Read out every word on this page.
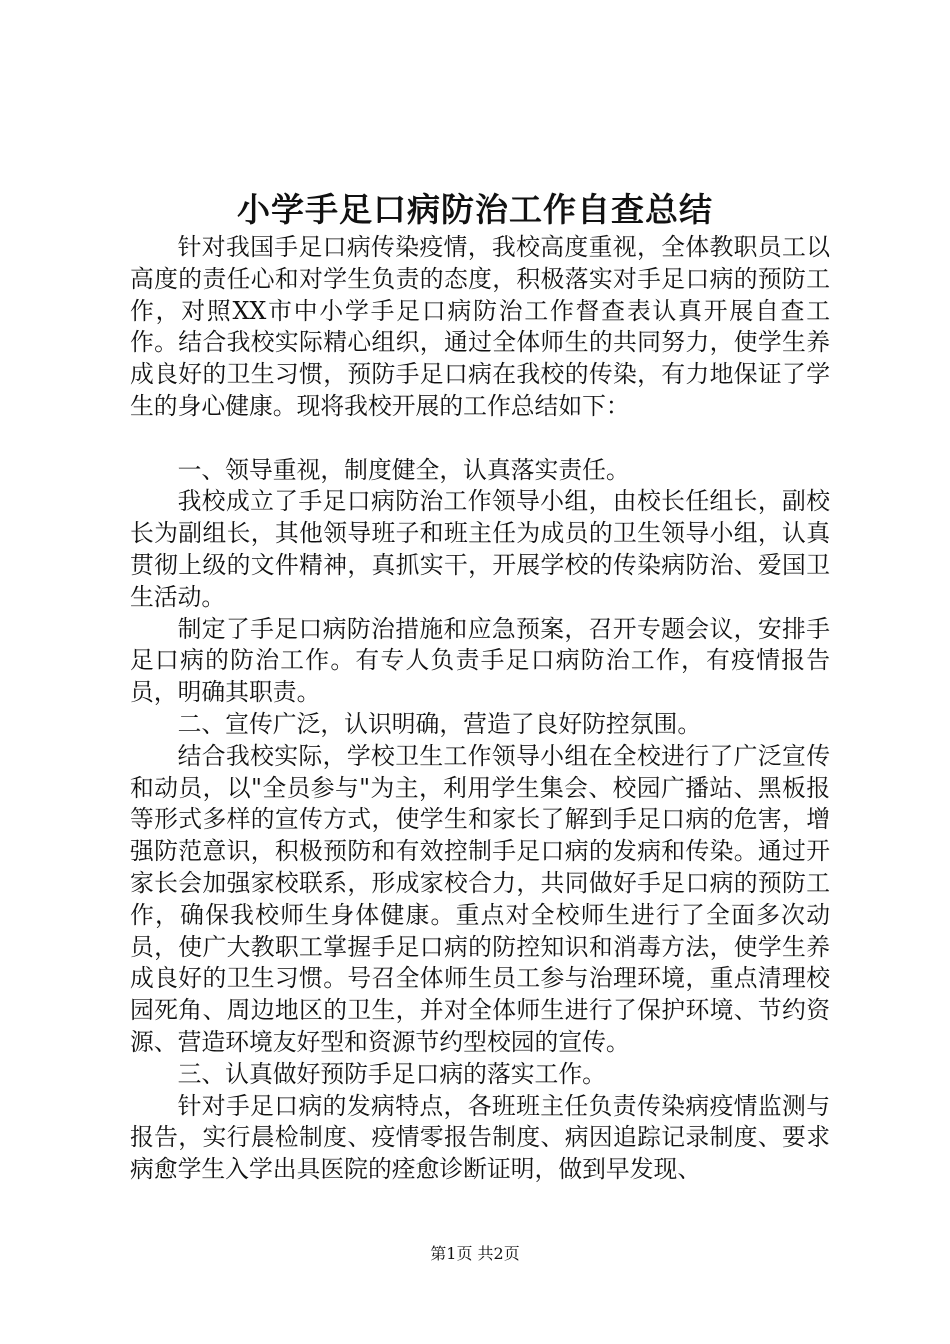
小学手足口病防治工作自查总结

针对我国手足口病传染疫情，我校高度重视，全体教职员工以高度的责任心和对学生负责的态度，积极落实对手足口病的预防工作，对照XX市中小学手足口病防治工作督查表认真开展自查工作。结合我校实际精心组织，通过全体师生的共同努力，使学生养成良好的卫生习惯，预防手足口病在我校的传染，有力地保证了学生的身心健康。现将我校开展的工作总结如下：

一、领导重视，制度健全，认真落实责任。

我校成立了手足口病防治工作领导小组，由校长任组长，副校长为副组长，其他领导班子和班主任为成员的卫生领导小组，认真贯彻上级的文件精神，真抓实干，开展学校的传染病防治、爱国卫生活动。

制定了手足口病防治措施和应急预案，召开专题会议，安排手足口病的防治工作。有专人负责手足口病防治工作，有疫情报告员，明确其职责。

二、宣传广泛，认识明确，营造了良好防控氛围。

结合我校实际，学校卫生工作领导小组在全校进行了广泛宣传和动员，以"全员参与"为主，利用学生集会、校园广播站、黑板报等形式多样的宣传方式，使学生和家长了解到手足口病的危害，增强防范意识，积极预防和有效控制手足口病的发病和传染。通过开家长会加强家校联系，形成家校合力，共同做好手足口病的预防工作，确保我校师生身体健康。重点对全校师生进行了全面多次动员，使广大教职工掌握手足口病的防控知识和消毒方法，使学生养成良好的卫生习惯。号召全体师生员工参与治理环境，重点清理校园死角、周边地区的卫生，并对全体师生进行了保护环境、节约资源、营造环境友好型和资源节约型校园的宣传。

三、认真做好预防手足口病的落实工作。

针对手足口病的发病特点，各班班主任负责传染病疫情监测与报告，实行晨检制度、疫情零报告制度、病因追踪记录制度、要求病愈学生入学出具医院的痊愈诊断证明，做到早发现、

第1页 共2页
